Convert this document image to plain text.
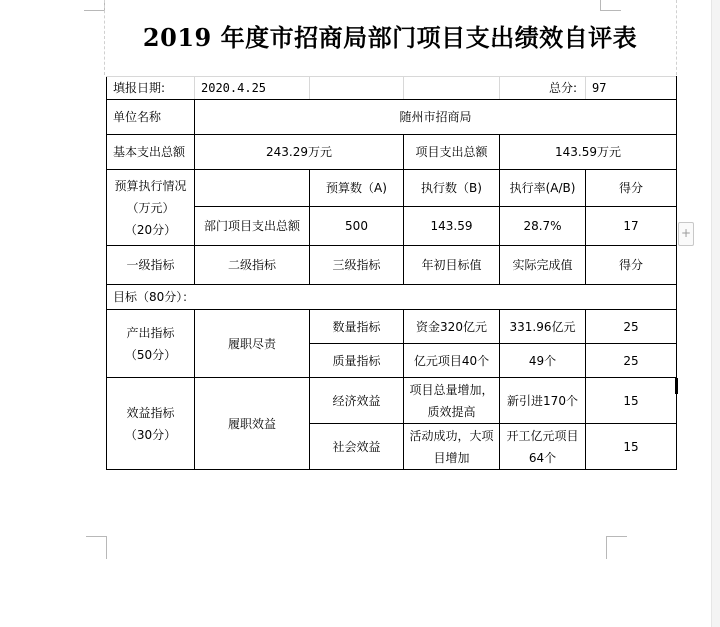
+
2019 年度市招商局部门项目支出绩效自评表
填报日期:	2020.4.25			总分:	97
单位名称	随州市招商局				
基本支出总额	243.29万元		项目支出总额	143.59万元	

预算执行情况
（万元）
（20分）		预算数（A)	执行数（B)	执行率(A/B)	得分
	部门项目支出总额	500	143.59	28.7%	17
一级指标	二级指标	三级指标	年初目标值	实际完成值	得分
目标（80分）：					

产出指标
（50分）	履职尽责	数量指标	资金320亿元	331.96亿元	25
		质量指标	亿元项目40个	49个	25

效益指标
（30分）	履职效益	经济效益	项目总量增加，质效提高	新引进170个	15
		社会效益	活动成功，大项目增加	开工亿元项目64个	15
